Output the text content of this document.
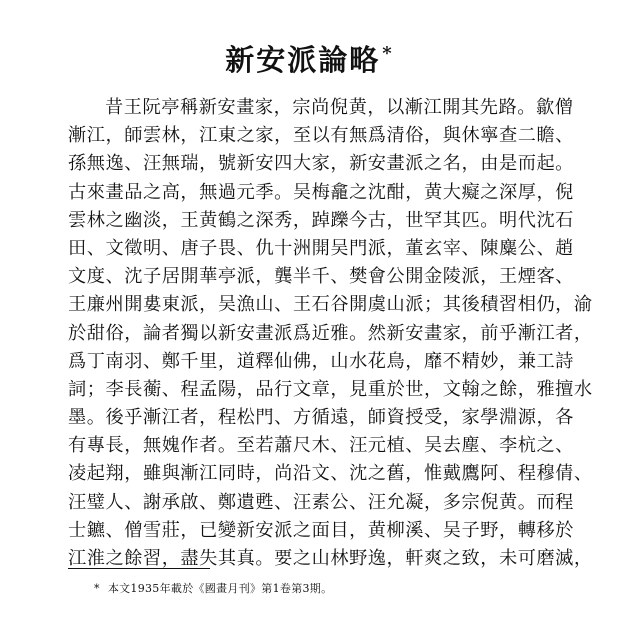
新安派論略 *
昔王阮亭稱新安畫家，宗尚倪黄，以漸江開其先路。歙僧
漸江，師雲林，江東之家，至以有無爲清俗，與休寧查二瞻、
孫無逸、汪無瑞，號新安四大家，新安畫派之名，由是而起。
古來畫品之高，無過元季。吴梅龕之沈酣，黄大癡之深厚，倪
雲林之幽淡，王黄鶴之深秀，踔躒今古，世罕其匹。明代沈石
田、文徵明、唐子畏、仇十洲開吴門派，董玄宰、陳麋公、趙
文度、沈子居開華亭派，龔半千、樊會公開金陵派，王煙客、
王廉州開婁東派，吴漁山、王石谷開虞山派；其後積習相仍，渝
於甜俗，論者獨以新安畫派爲近雅。然新安畫家，前乎漸江者，
爲丁南羽、鄭千里，道釋仙佛，山水花鳥，靡不精妙，兼工詩
詞；李長蘅、程孟陽，品行文章，見重於世，文翰之餘，雅擅水
墨。後乎漸江者，程松門、方循遠，師資授受，家學淵源，各
有專長，無媿作者。至若蕭尺木、汪元植、吴去塵、李杭之、
凌起翔，雖與漸江同時，尚沿文、沈之舊，惟戴鷹阿、程穆倩、
汪璧人、謝承啟、鄭遺甦、汪素公、汪允凝，多宗倪黄。而程
士鑣、僧雪莊，已變新安派之面目，黄柳溪、吴子野，轉移於
江淮之餘習，盡失其真。要之山林野逸，軒爽之致，未可磨滅，
* 本文1935年載於《國畫月刊》第1卷第3期。
